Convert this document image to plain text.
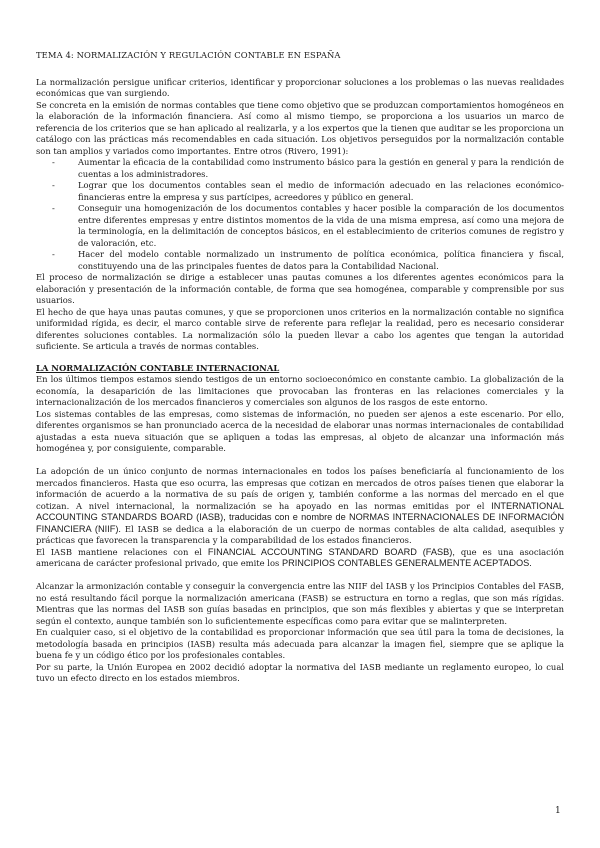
TEMA 4: NORMALIZACIÓN Y REGULACIÓN CONTABLE EN ESPAÑA

La normalización persigue unificar criterios, identificar y proporcionar soluciones a los problemas o las nuevas realidades económicas que van surgiendo.

Se concreta en la emisión de normas contables que tiene como objetivo que se produzcan comportamientos homogéneos en la elaboración de la información financiera. Así como al mismo tiempo, se proporciona a los usuarios un marco de referencia de los criterios que se han aplicado al realizarla, y a los expertos que la tienen que auditar se les proporciona un catálogo con las prácticas más recomendables en cada situación. Los objetivos perseguidos por la normalización contable son tan amplios y variados como importantes. Entre otros (Rivero, 1991):

- Aumentar la eficacia de la contabilidad como instrumento básico para la gestión en general y para la rendición de cuentas a los administradores.
- Lograr que los documentos contables sean el medio de información adecuado en las relaciones económico-financieras entre la empresa y sus partícipes, acreedores y público en general.
- Conseguir una homogenización de los documentos contables y hacer posible la comparación de los documentos entre diferentes empresas y entre distintos momentos de la vida de una misma empresa, así como una mejora de la terminología, en la delimitación de conceptos básicos, en el establecimiento de criterios comunes de registro y de valoración, etc.
- Hacer del modelo contable normalizado un instrumento de política económica, política financiera y fiscal, constituyendo una de las principales fuentes de datos para la Contabilidad Nacional.

El proceso de normalización se dirige a establecer unas pautas comunes a los diferentes agentes económicos para la elaboración y presentación de la información contable, de forma que sea homogénea, comparable y comprensible por sus usuarios.

El hecho de que haya unas pautas comunes, y que se proporcionen unos criterios en la normalización contable no significa uniformidad rígida, es decir, el marco contable sirve de referente para reflejar la realidad, pero es necesario considerar diferentes soluciones contables. La normalización sólo la pueden llevar a cabo los agentes que tengan la autoridad suficiente. Se articula a través de normas contables.

LA NORMALIZACIÓN CONTABLE INTERNACIONAL

En los últimos tiempos estamos siendo testigos de un entorno socioeconómico en constante cambio. La globalización de la economía, la desaparición de las limitaciones que provocaban las fronteras en las relaciones comerciales y la internacionalización de los mercados financieros y comerciales son algunos de los rasgos de este entorno.

Los sistemas contables de las empresas, como sistemas de información, no pueden ser ajenos a este escenario. Por ello, diferentes organismos se han pronunciado acerca de la necesidad de elaborar unas normas internacionales de contabilidad ajustadas a esta nueva situación que se apliquen a todas las empresas, al objeto de alcanzar una información más homogénea y, por consiguiente, comparable.

La adopción de un único conjunto de normas internacionales en todos los países beneficiaría al funcionamiento de los mercados financieros. Hasta que eso ocurra, las empresas que cotizan en mercados de otros países tienen que elaborar la información de acuerdo a la normativa de su país de origen y, también conforme a las normas del mercado en el que cotizan. A nivel internacional, la normalización se ha apoyado en las normas emitidas por el INTERNATIONAL ACCOUNTING STANDARDS BOARD (IASB), traducidas con e nombre de NORMAS INTERNACIONALES DE INFORMACIÓN FINANCIERA (NIIF). El IASB se dedica a la elaboración de un cuerpo de normas contables de alta calidad, asequibles y prácticas que favorecen la transparencia y la comparabilidad de los estados financieros.

El IASB mantiene relaciones con el FINANCIAL ACCOUNTING STANDARD BOARD (FASB), que es una asociación americana de carácter profesional privado, que emite los PRINCIPIOS CONTABLES GENERALMENTE ACEPTADOS.

Alcanzar la armonización contable y conseguir la convergencia entre las NIIF del IASB y los Principios Contables del FASB, no está resultando fácil porque la normalización americana (FASB) se estructura en torno a reglas, que son más rígidas. Mientras que las normas del IASB son guías basadas en principios, que son más flexibles y abiertas y que se interpretan según el contexto, aunque también son lo suficientemente específicas como para evitar que se malinterpreten.

En cualquier caso, si el objetivo de la contabilidad es proporcionar información que sea útil para la toma de decisiones, la metodología basada en principios (IASB) resulta más adecuada para alcanzar la imagen fiel, siempre que se aplique la buena fe y un código ético por los profesionales contables.

Por su parte, la Unión Europea en 2002 decidió adoptar la normativa del IASB mediante un reglamento europeo, lo cual tuvo un efecto directo en los estados miembros.

1
